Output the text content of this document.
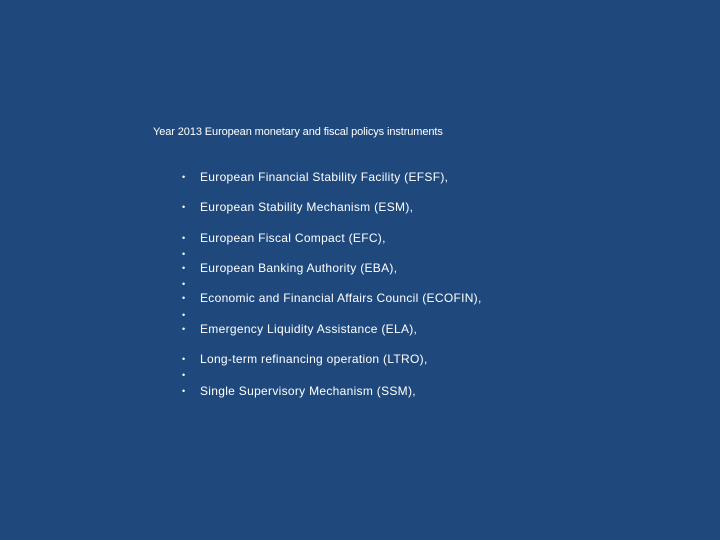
Year 2013 European monetary and fiscal policys instruments
• European Financial Stability Facility (EFSF),
• European Stability Mechanism (ESM),
• European Fiscal Compact (EFC),
•
• European Banking Authority (EBA),
•
• Economic and Financial Affairs Council (ECOFIN),
•
• Emergency Liquidity Assistance (ELA),
• Long-term refinancing operation (LTRO),
•
• Single Supervisory Mechanism (SSM),
